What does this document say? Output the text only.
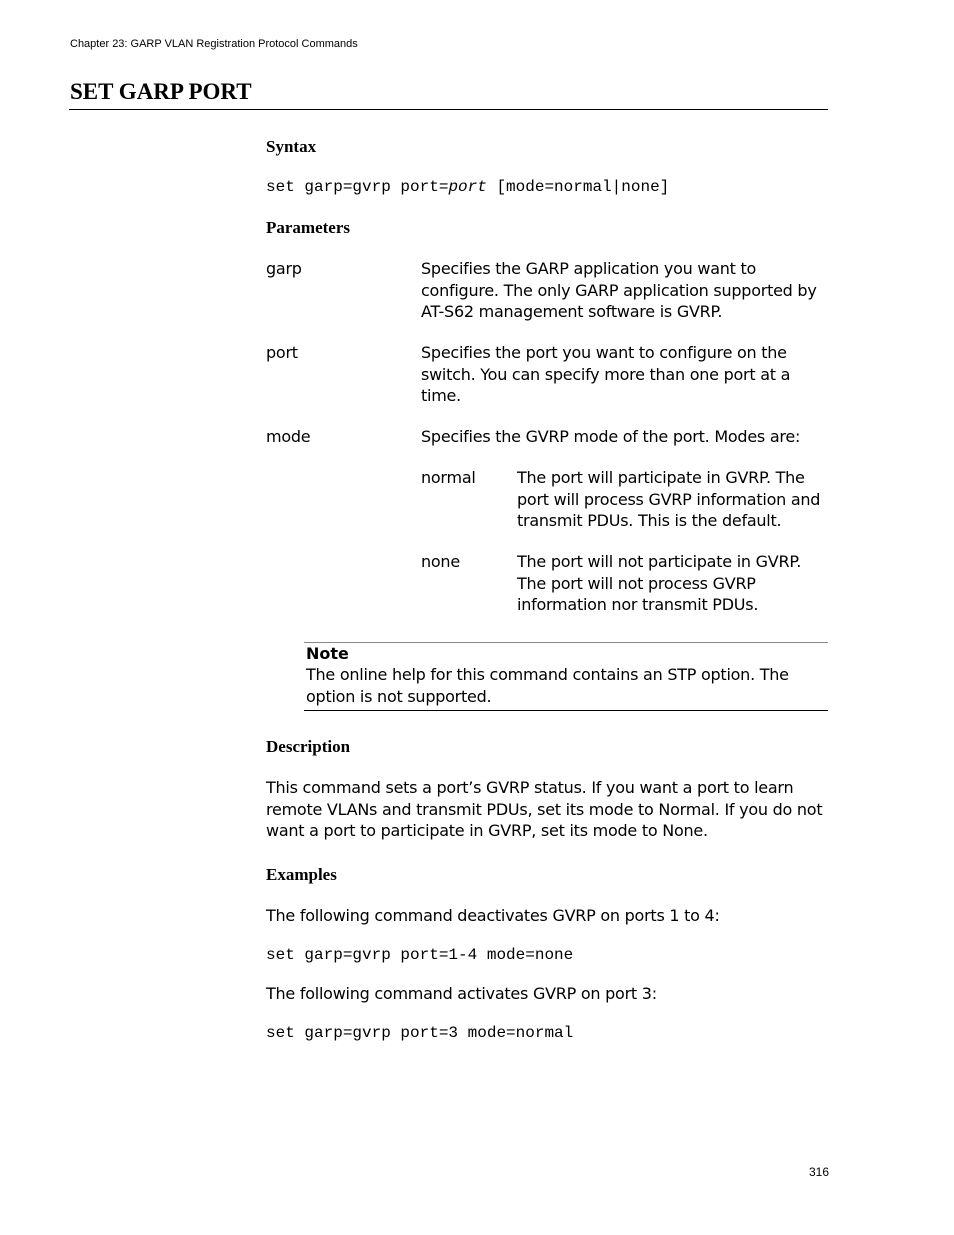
Chapter 23: GARP VLAN Registration Protocol Commands
SET GARP PORT
Syntax
set garp=gvrp port=port [mode=normal|none]
Parameters
garp	Specifies the GARP application you want to configure. The only GARP application supported by AT-S62 management software is GVRP.
port	Specifies the port you want to configure on the switch. You can specify more than one port at a time.
mode	Specifies the GVRP mode of the port. Modes are:
normal	The port will participate in GVRP. The port will process GVRP information and transmit PDUs. This is the default.
none	The port will not participate in GVRP. The port will not process GVRP information nor transmit PDUs.
Note
The online help for this command contains an STP option. The option is not supported.
Description
This command sets a port’s GVRP status. If you want a port to learn remote VLANs and transmit PDUs, set its mode to Normal. If you do not want a port to participate in GVRP, set its mode to None.
Examples
The following command deactivates GVRP on ports 1 to 4:
set garp=gvrp port=1-4 mode=none
The following command activates GVRP on port 3:
set garp=gvrp port=3 mode=normal
316
